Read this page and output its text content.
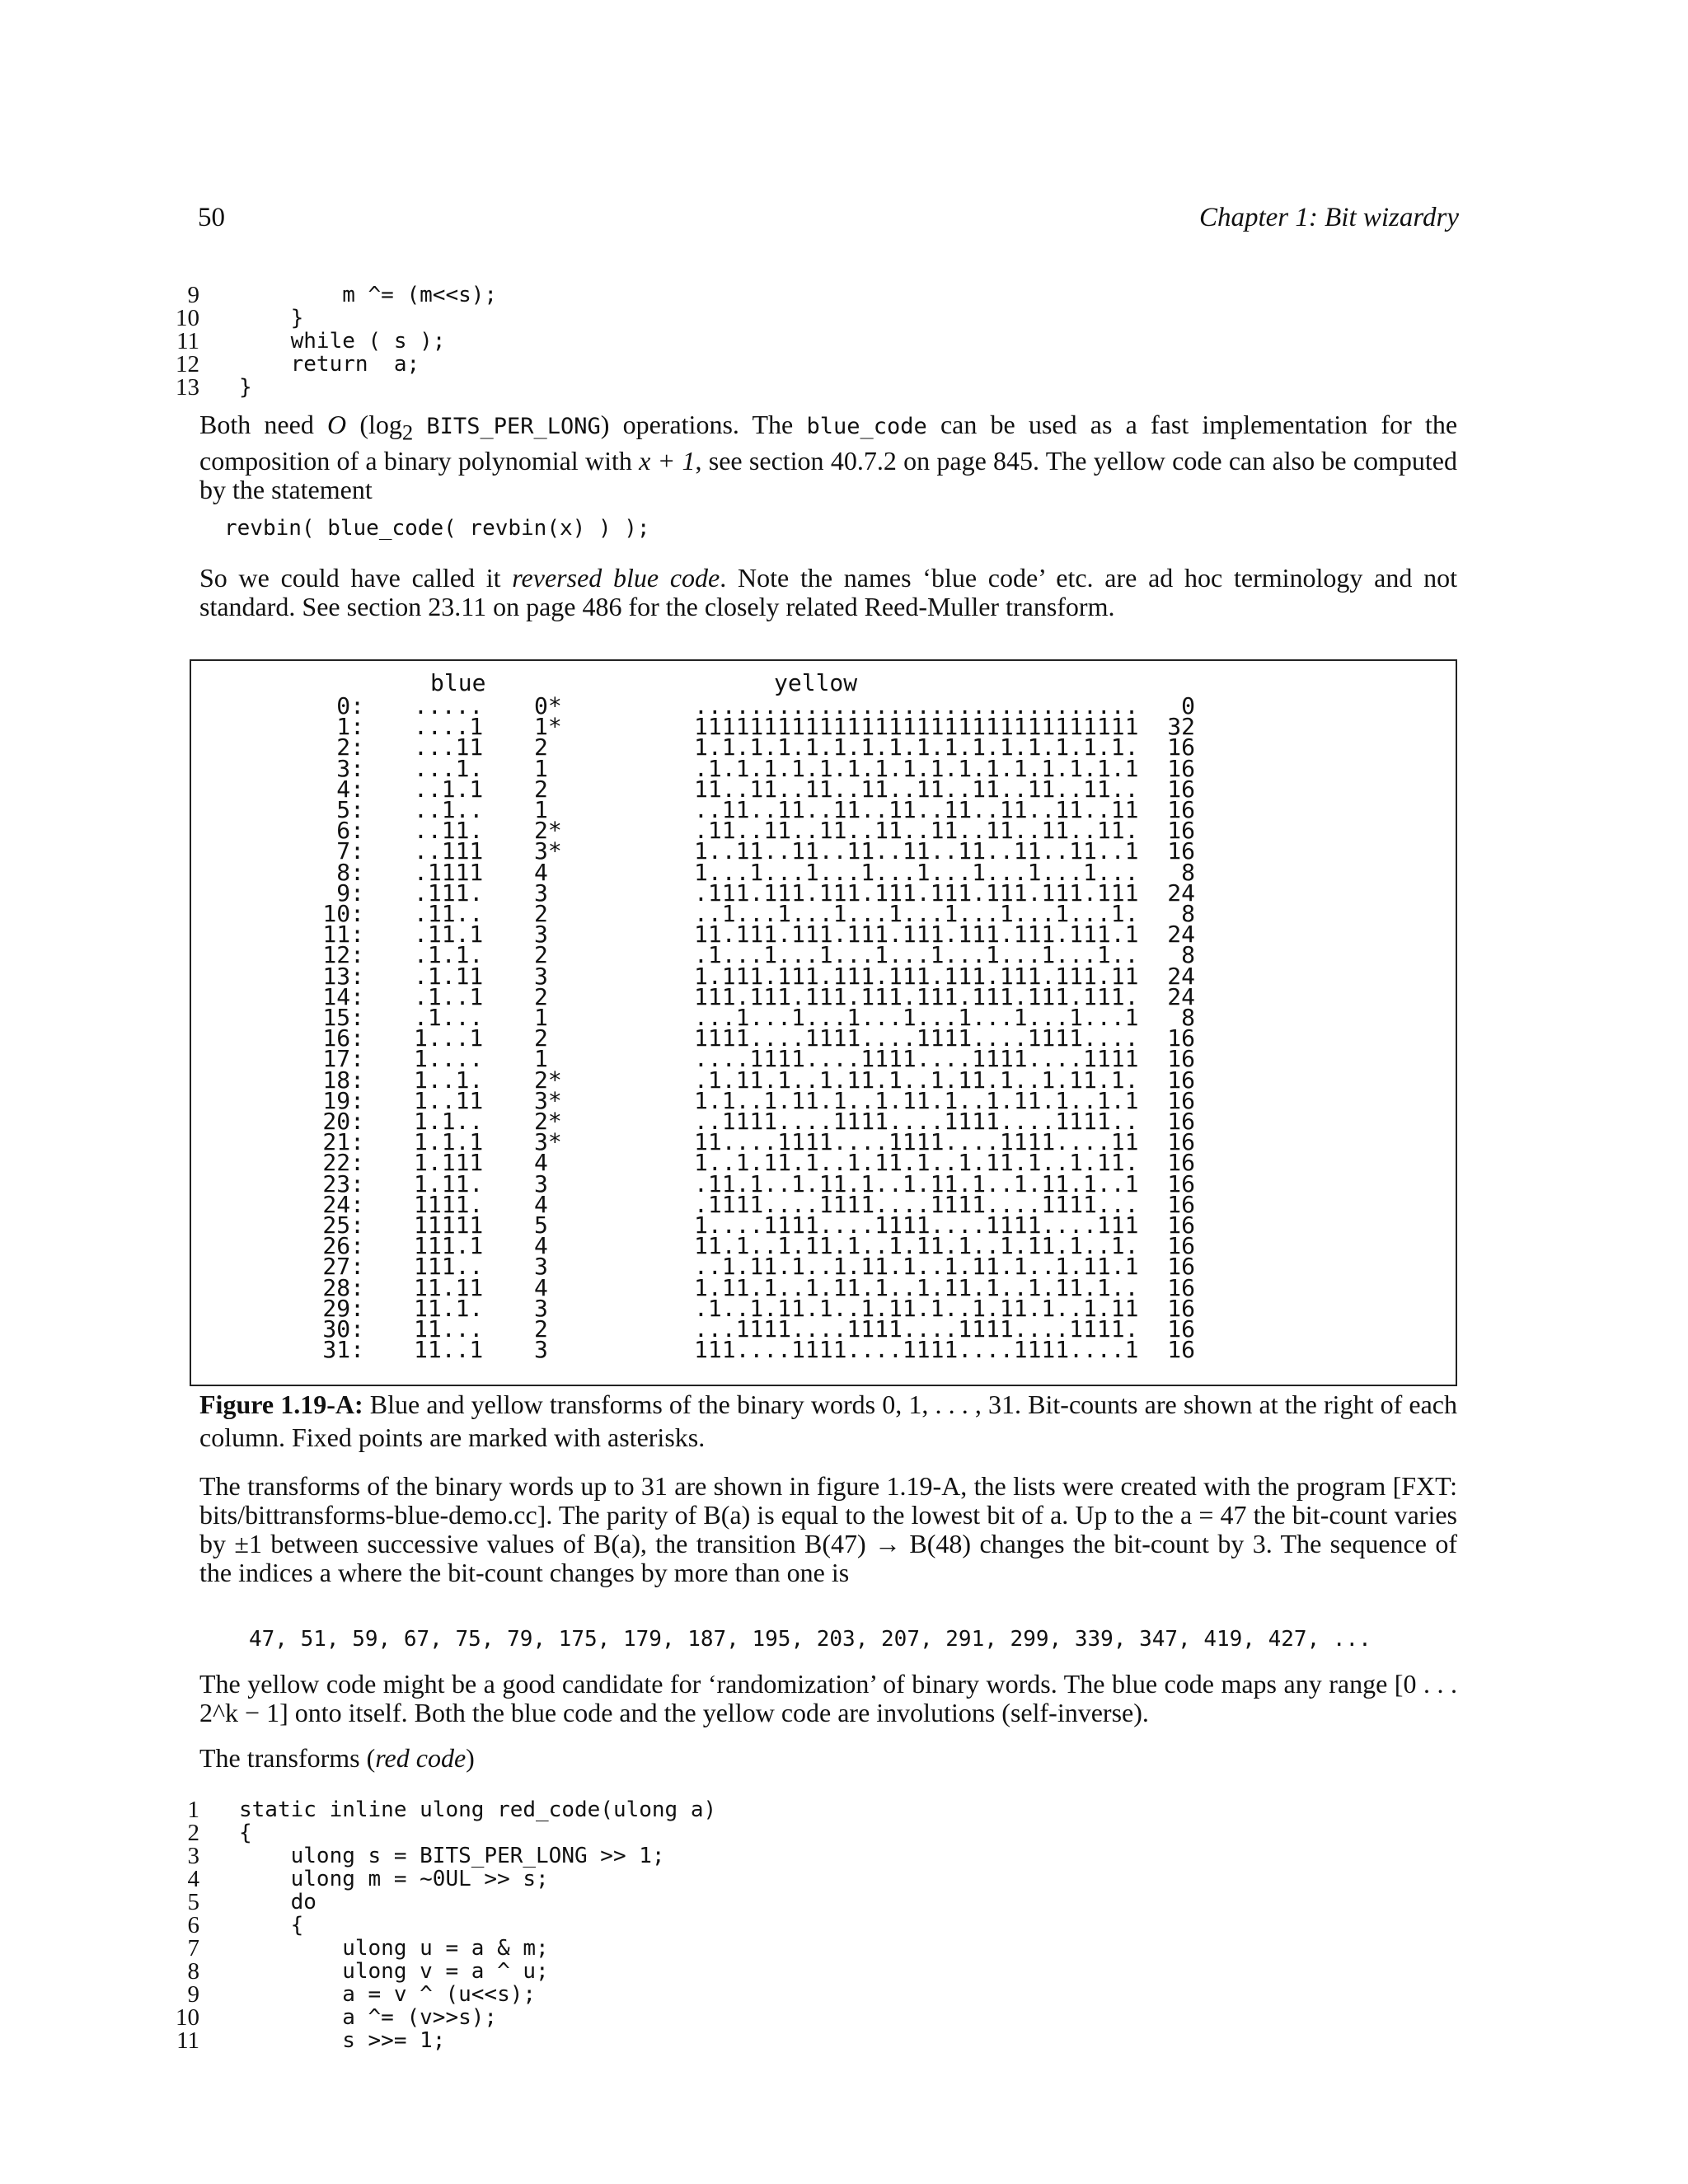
50	Chapter 1: Bit wizardry
9 m ^= (m<<s);
10 }
11 while ( s );
12 return  a;
13 }

Both need O ($\log_2$ BITS_PER_LONG) operations. The blue_code can be used as a fast implementation for the composition of a binary polynomial with x + 1, see section 40.7.2 on page 845. The yellow code can also be computed by the statement

revbin( blue_code( revbin(x) ) );

So we could have called it reversed blue code. Note the names ‘blue code’ etc. are ad hoc terminology and not standard. See section 23.11 on page 486 for the closely related Reed-Muller transform.

blue	yellow
0:
1:
2:
3:
4:
5:
6:
7:
8:
9:
10:
11:
12:
13:
14:
15:
16:
17:
18:
19:
20:
21:
22:
23:
24:
25:
26:
27:
28:
29:
30:
31:
.....
....1
...11
...1.
..1.1
..1..
..11.
..111
.1111
.111.
.11..
.11.1
.1.1.
.1.11
.1..1
.1...
1...1
1....
1..1.
1..11
1.1..
1.1.1
1.111
1.11.
1111.
11111
111.1
111..
11.11
11.1.
11...
11..1
0*
1*
2
1
2
1
2*
3*
4
3
2
3
2
3
2
1
2
1
2*
3*
2*
3*
4
3
4
5
4
3
4
3
2
3
................................
11111111111111111111111111111111
1.1.1.1.1.1.1.1.1.1.1.1.1.1.1.1.
.1.1.1.1.1.1.1.1.1.1.1.1.1.1.1.1
11..11..11..11..11..11..11..11..
..11..11..11..11..11..11..11..11
.11..11..11..11..11..11..11..11.
1..11..11..11..11..11..11..11..1
1...1...1...1...1...1...1...1...
.111.111.111.111.111.111.111.111
..1...1...1...1...1...1...1...1.
11.111.111.111.111.111.111.111.1
.1...1...1...1...1...1...1...1..
1.111.111.111.111.111.111.111.11
111.111.111.111.111.111.111.111.
...1...1...1...1...1...1...1...1
1111....1111....1111....1111....
....1111....1111....1111....1111
.1.11.1..1.11.1..1.11.1..1.11.1.
1.1..1.11.1..1.11.1..1.11.1..1.1
..1111....1111....1111....1111..
11....1111....1111....1111....11
1..1.11.1..1.11.1..1.11.1..1.11.
.11.1..1.11.1..1.11.1..1.11.1..1
.1111....1111....1111....1111...
1....1111....1111....1111....111
11.1..1.11.1..1.11.1..1.11.1..1.
..1.11.1..1.11.1..1.11.1..1.11.1
1.11.1..1.11.1..1.11.1..1.11.1..
.1..1.11.1..1.11.1..1.11.1..1.11
...1111....1111....1111....1111.
111....1111....1111....1111....1
0
32
16
16
16
16
16
16
8
24
8
24
8
24
24
8
16
16
16
16
16
16
16
16
16
16
16
16
16
16
16
16

Figure 1.19-A: Blue and yellow transforms of the binary words 0, 1, . . . , 31. Bit-counts are shown at the right of each column. Fixed points are marked with asterisks.

The transforms of the binary words up to 31 are shown in figure 1.19-A, the lists were created with the program [FXT: bits/bittransforms-blue-demo.cc]. The parity of B(a) is equal to the lowest bit of a. Up to the a = 47 the bit-count varies by ±1 between successive values of B(a), the transition B(47) → B(48) changes the bit-count by 3. The sequence of the indices a where the bit-count changes by more than one is

47, 51, 59, 67, 75, 79, 175, 179, 187, 195, 203, 207, 291, 299, 339, 347, 419, 427, ...

The yellow code might be a good candidate for ‘randomization’ of binary words. The blue code maps any range [0 . . . 2^k − 1] onto itself. Both the blue code and the yellow code are involutions (self-inverse).

The transforms (red code)

1 static inline ulong red_code(ulong a)
2 {
3 ulong s = BITS_PER_LONG >> 1;
4 ulong m = ~0UL >> s;
5 do
6 {
7 ulong u = a & m;
8 ulong v = a ^ u;
9 a = v ^ (u<<s);
10 a ^= (v>>s);
11 s >>= 1;
